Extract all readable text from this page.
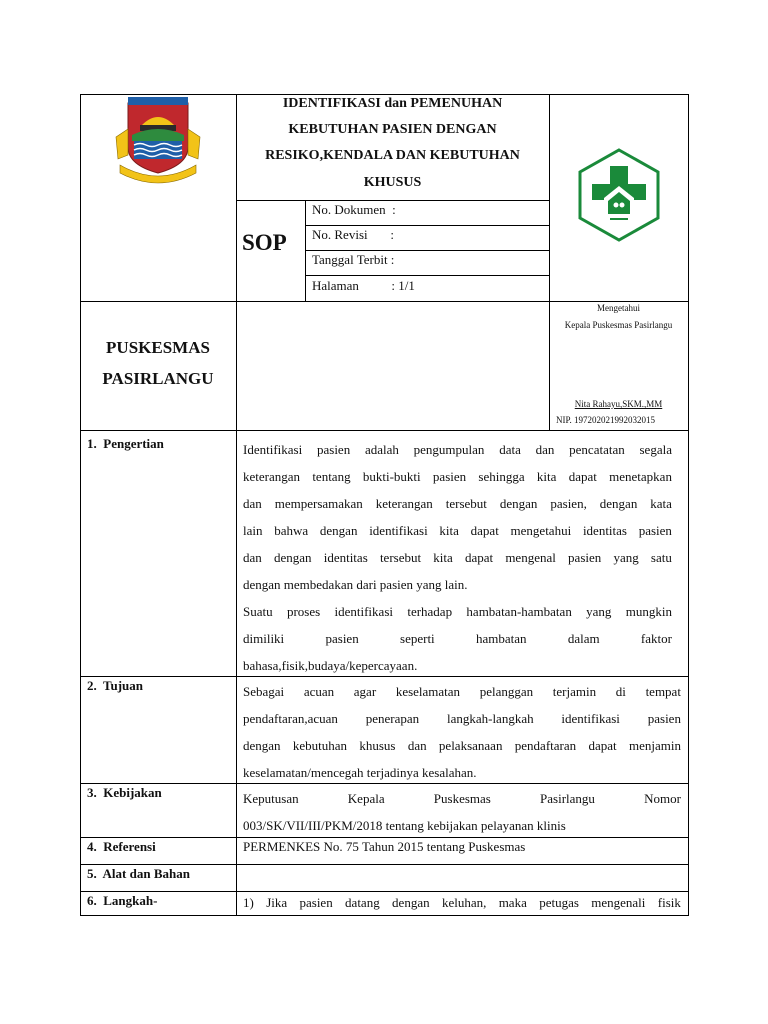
IDENTIFIKASI dan PEMENUHAN
KEBUTUHAN PASIEN DENGAN
RESIKO,KENDALA DAN KEBUTUHAN
KHUSUS
SOP
No. Dokumen  :
No. Revisi       :
Tanggal Terbit :
Halaman          : 1/1
PUSKESMAS
PASIRLANGU
Mengetahui
Kepala Puskesmas Pasirlangu
Nita Rahayu,SKM.,MM
NIP. 197202021992032015
1.  Pengertian	Identifikasi pasien adalah pengumpulan data dan pencatatan segala
keterangan tentang bukti-bukti pasien sehingga kita dapat menetapkan
dan mempersamakan keterangan tersebut dengan pasien, dengan kata
lain bahwa dengan identifikasi kita dapat mengetahui identitas pasien
dan dengan identitas tersebut kita dapat mengenal pasien yang satu
dengan membedakan dari pasien yang lain.
Suatu proses identifikasi terhadap hambatan-hambatan yang mungkin
dimiliki	pasien	seperti	hambatan	dalam	faktor
bahasa,fisik,budaya/kepercayaan.
2.  Tujuan	Sebagai acuan agar keselamatan pelanggan terjamin di tempat
pendaftaran,acuan penerapan langkah-langkah identifikasi pasien
dengan kebutuhan khusus dan pelaksanaan pendaftaran dapat menjamin
keselamatan/mencegah terjadinya kesalahan.
3.  Kebijakan	Keputusan	Kepala	Puskesmas	Pasirlangu	Nomor
003/SK/VII/III/PKM/2018 tentang kebijakan pelayanan klinis
4.  Referensi	PERMENKES No. 75 Tahun 2015 tentang Puskesmas
5.  Alat dan Bahan
6.  Langkah-	1) Jika pasien datang dengan keluhan, maka petugas mengenali fisik
